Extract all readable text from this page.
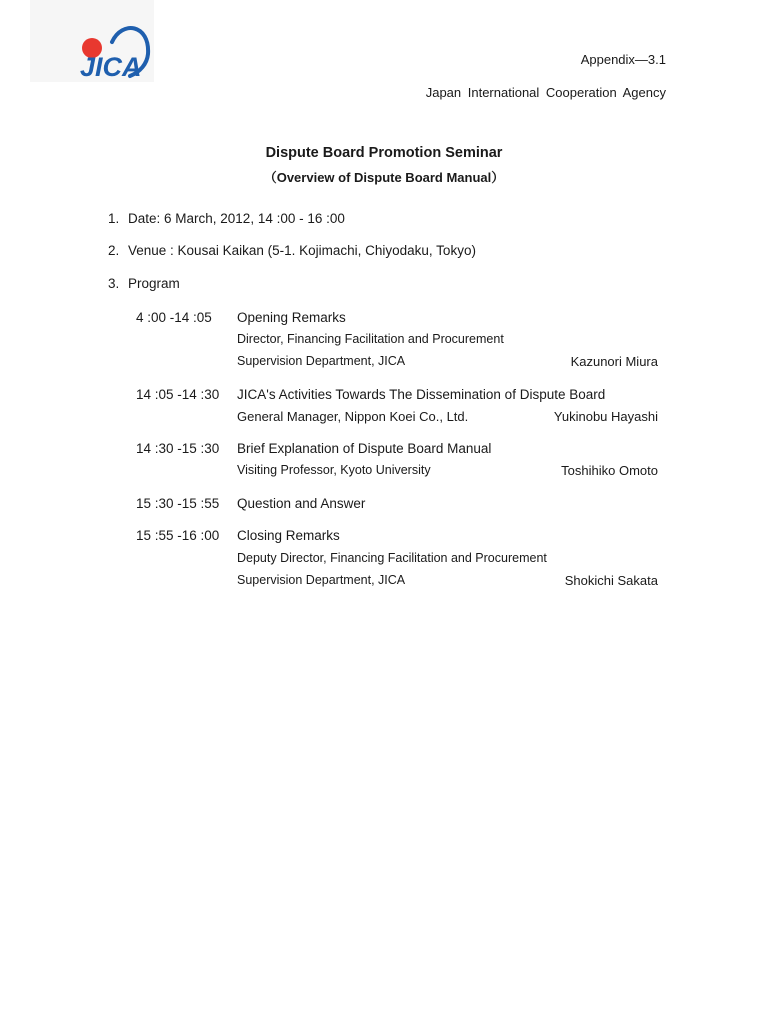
JICA	Appendix—3.1
Japan International Cooperation Agency
Dispute Board Promotion Seminar
（Overview of Dispute Board Manual）
1. Date: 6 March, 2012, 14 :00 - 16 :00
2. Venue : Kousai Kaikan (5-1. Kojimachi, Chiyodaku, Tokyo)
3. Program
4 :00 -14 :05 Opening Remarks
Director, Financing Facilitation and Procurement
Supervision Department, JICA	Kazunori Miura
14 :05 -14 :30 JICA's Activities Towards The Dissemination of Dispute Board
General Manager, Nippon Koei Co., Ltd.	Yukinobu Hayashi
14 :30 -15 :30 Brief Explanation of Dispute Board Manual
Visiting Professor, Kyoto University	Toshihiko Omoto
15 :30 -15 :55 Question and Answer
15 :55 -16 :00 Closing Remarks
Deputy Director, Financing Facilitation and Procurement
Supervision Department, JICA	Shokichi Sakata
